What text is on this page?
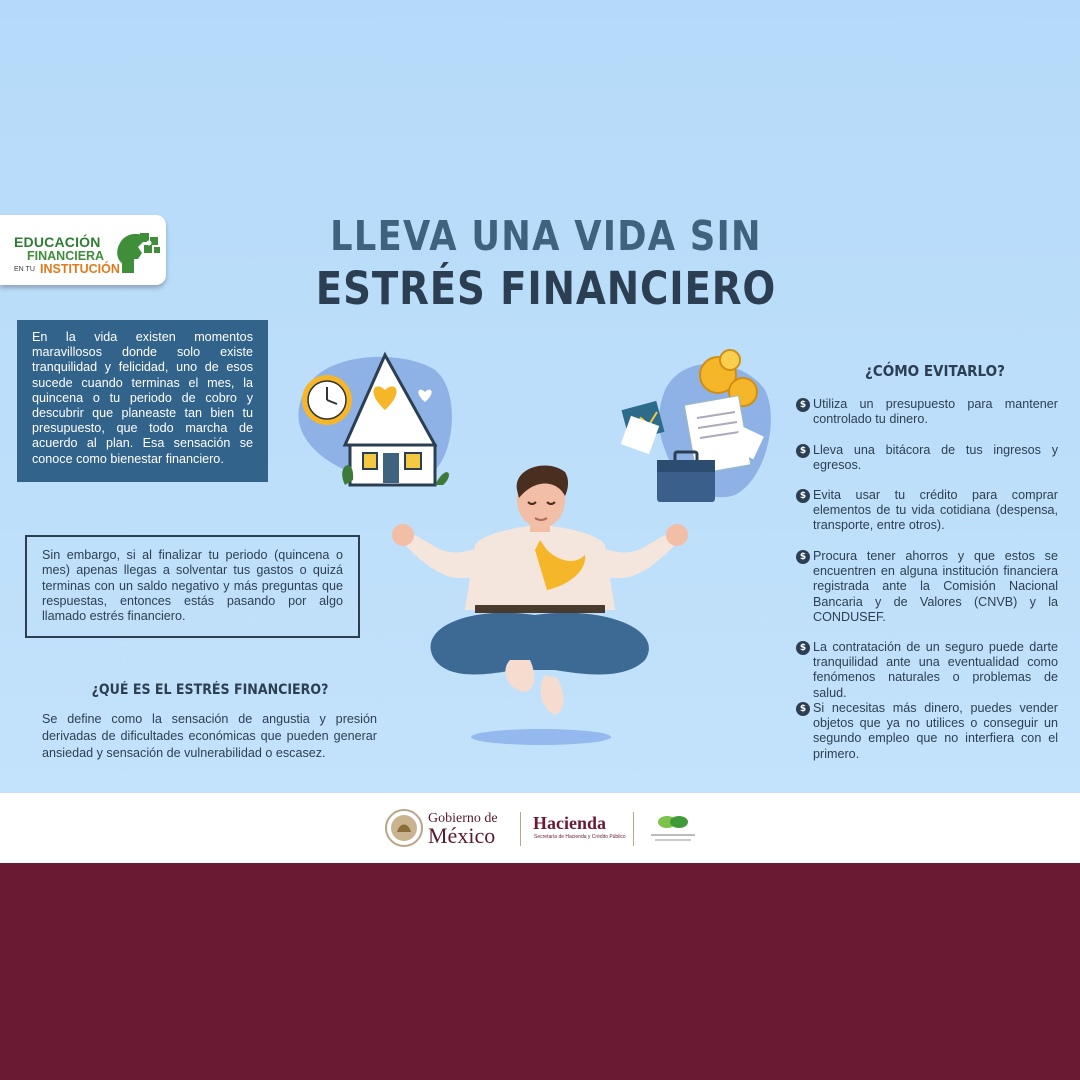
EDUCACIÓN
FINANCIERA
EN TU INSTITUCIÓN
LLEVA UNA VIDA SIN
ESTRÉS FINANCIERO

En la vida existen momentos maravillosos donde solo existe tranquilidad y felicidad, uno de esos sucede cuando terminas el mes, la quincena o tu periodo de cobro y descubrir que planeaste tan bien tu presupuesto, que todo marcha de acuerdo al plan. Esa sensación se conoce como bienestar financiero.

Sin embargo, si al finalizar tu periodo (quincena o mes) apenas llegas a solventar tus gastos o quizá terminas con un saldo negativo y más preguntas que respuestas, entonces estás pasando por algo llamado estrés financiero.

¿QUÉ ES EL ESTRÉS FINANCIERO?
Se define como la sensación de angustia y presión derivadas de dificultades económicas que pueden generar ansiedad y sensación de vulnerabilidad o escasez.
¿CÓMO EVITARLO?
$ Utiliza un presupuesto para mantener controlado tu dinero.

$ Lleva una bitácora de tus ingresos y egresos.

$ Evita usar tu crédito para comprar elementos de tu vida cotidiana (despensa, transporte, entre otros).

$ Procura tener ahorros y que estos se encuentren en alguna institución financiera registrada ante la Comisión Nacional Bancaria y de Valores (CNVB) y la CONDUSEF.

$ La contratación de un seguro puede darte tranquilidad ante una eventualidad como fenómenos naturales o problemas de salud.

$ Si necesitas más dinero, puedes vender objetos que ya no utilices o conseguir un segundo empleo que no interfiera con el primero.

Gobierno de
México Hacienda
Secretaría de Hacienda y Crédito Público
